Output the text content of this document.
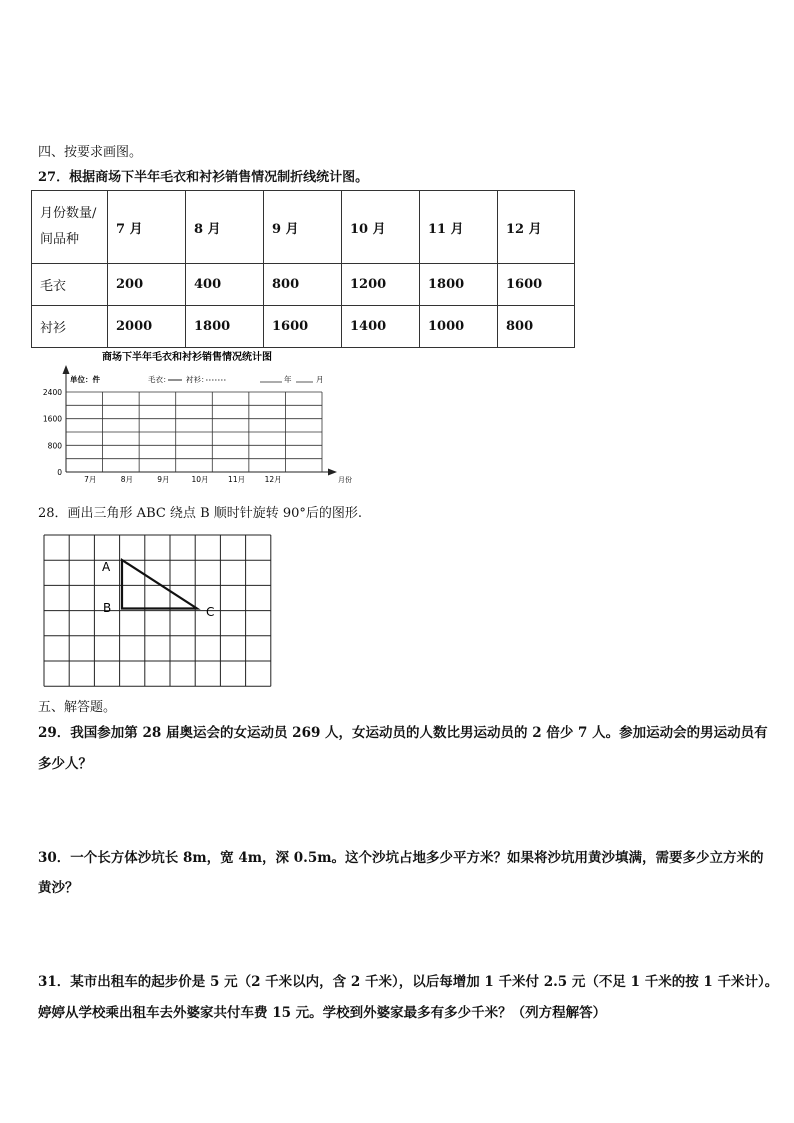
四、按要求画图。
27．根据商场下半年毛衣和衬衫销售情况制折线统计图。
月份数量/
间品种	7 月	8 月	9 月	10 月	11 月	12 月
毛衣	200	400	800	1200	1800	1600
衬衫	2000	1800	1600	1400	1000	800
商场下半年毛衣和衬衫销售情况统计图
单位：件	毛衣： 衬衫：	年	月
2400
1600
800
0
7月	8月	9月	10月	11月	12月	月份
28．画出三角形 ABC 绕点 B 顺时针旋转 90°后的图形.
A
B	C
五、解答题。
29．我国参加第 28 届奥运会的女运动员 269 人，女运动员的人数比男运动员的 2 倍少 7 人。参加运动会的男运动员有
多少人？
30．一个长方体沙坑长 8m，宽 4m，深 0.5m。这个沙坑占地多少平方米？如果将沙坑用黄沙填满，需要多少立方米的
黄沙？
31．某市出租车的起步价是 5 元（2 千米以内，含 2 千米），以后每增加 1 千米付 2.5 元（不足 1 千米的按 1 千米计）。
婷婷从学校乘出租车去外婆家共付车费 15 元。学校到外婆家最多有多少千米？（列方程解答）
